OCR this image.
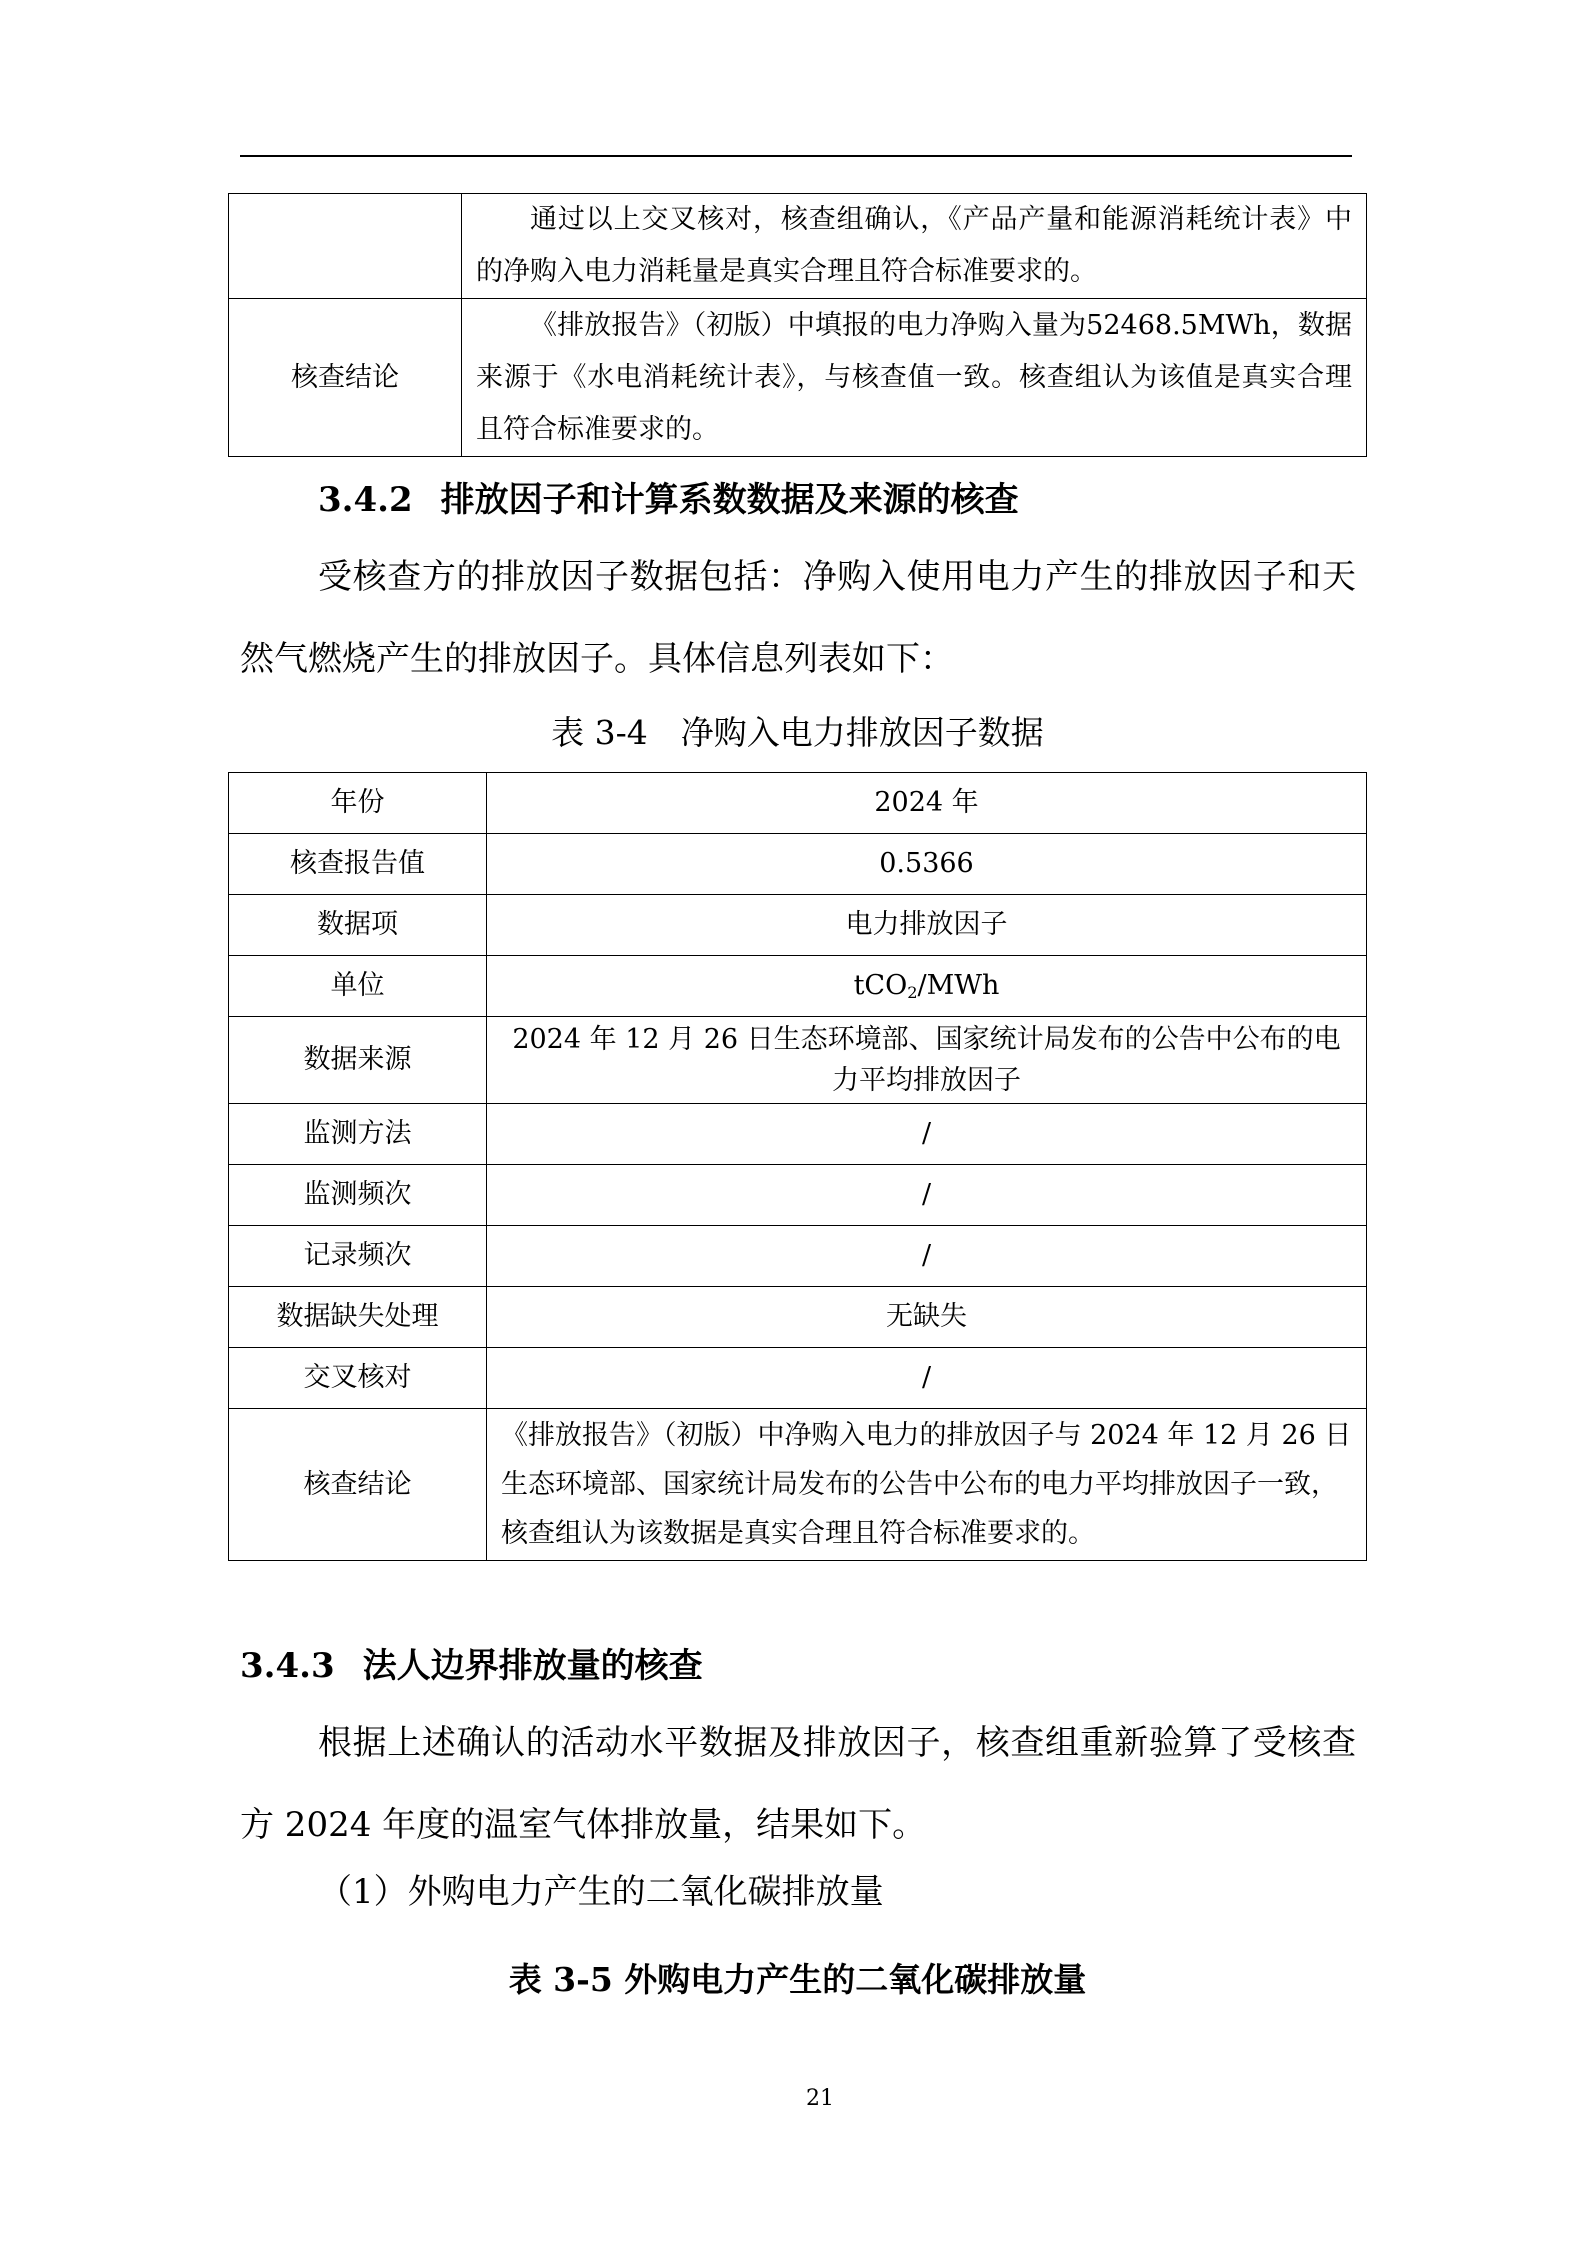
	通过以上交叉核对，核查组确认，《产品产量和能源消耗统计表》中的净购入电力消耗量是真实合理且符合标准要求的。
核查结论	《排放报告》（初版）中填报的电力净购入量为52468.5MWh，数据来源于《水电消耗统计表》，与核查值一致。核查组认为该值是真实合理且符合标准要求的。
3.4.2 排放因子和计算系数数据及来源的核查
受核查方的排放因子数据包括：净购入使用电力产生的排放因子和天然气燃烧产生的排放因子。具体信息列表如下：
表 3-4　净购入电力排放因子数据
年份	2024 年
核查报告值	0.5366
数据项	电力排放因子
单位	tCO$_2$/MWh
数据来源	2024 年 12 月 26 日生态环境部、国家统计局发布的公告中公布的电力平均排放因子
监测方法	/
监测频次	/
记录频次	/
数据缺失处理	无缺失
交叉核对	/
核查结论	《排放报告》（初版）中净购入电力的排放因子与 2024 年 12 月 26 日生态环境部、国家统计局发布的公告中公布的电力平均排放因子一致，核查组认为该数据是真实合理且符合标准要求的。
3.4.3 法人边界排放量的核查
根据上述确认的活动水平数据及排放因子，核查组重新验算了受核查方 2024 年度的温室气体排放量，结果如下。
（1）外购电力产生的二氧化碳排放量
表 3-5 外购电力产生的二氧化碳排放量
21
